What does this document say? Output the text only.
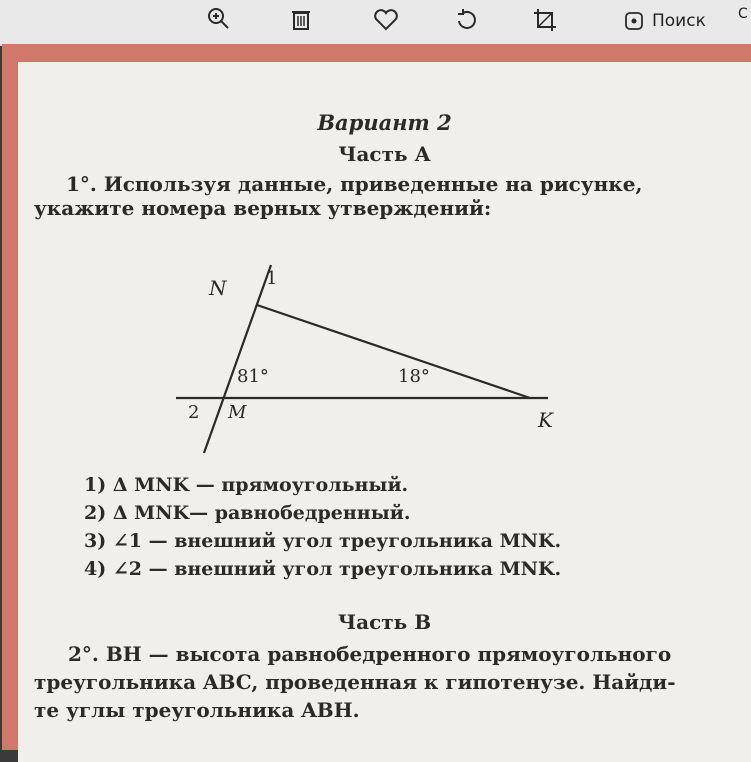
Поиск С
Вариант 2
Часть А
1°. Используя данные, приведенные на рисунке,
укажите номера верных утверждений:
N 1
81°	18°
2 M	K
1) Δ MNK — прямоугольный.
2) Δ MNK— равнобедренный.
3) ∠1 — внешний угол треугольника MNK.
4) ∠2 — внешний угол треугольника MNK.
Часть В
2°. BH — высота равнобедренного прямоугольного
треугольника ABC, проведенная к гипотенузе. Найди-
те углы треугольника ABH.
